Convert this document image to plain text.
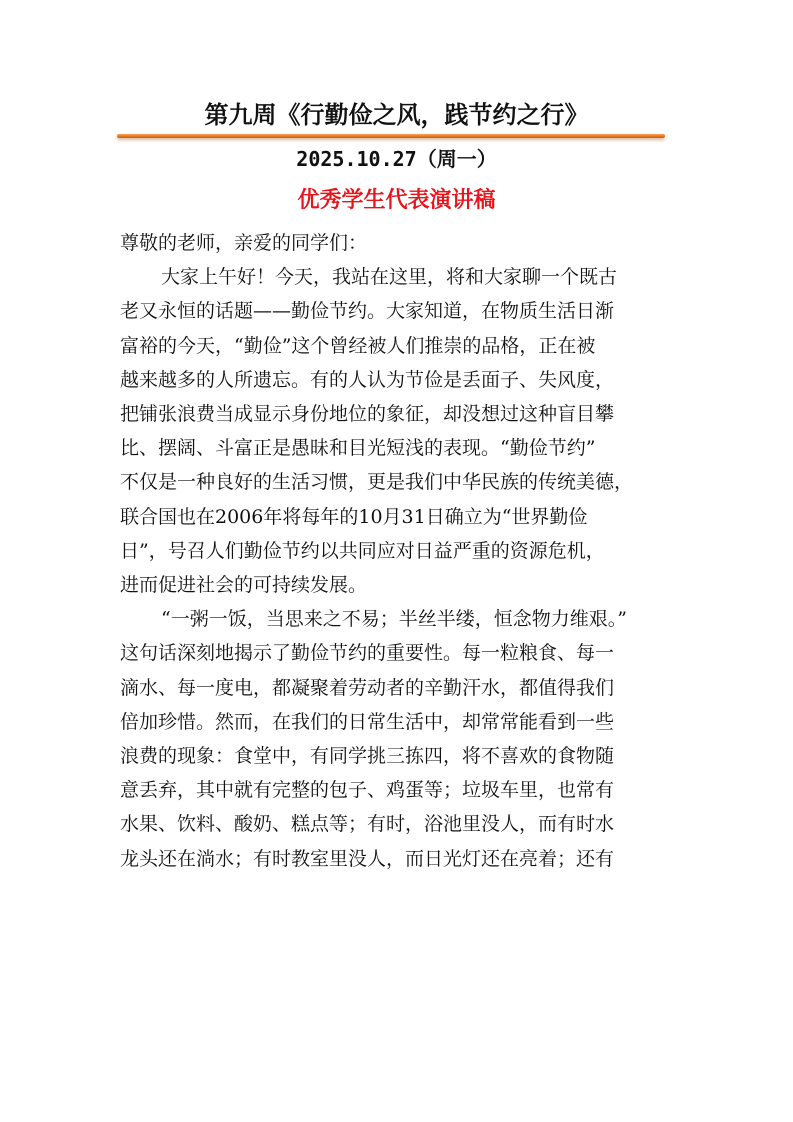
第九周《行勤俭之风，践节约之行》
2025.10.27（周一）
优秀学生代表演讲稿
尊敬的老师，亲爱的同学们：
大家上午好！今天，我站在这里，将和大家聊一个既古
老又永恒的话题——勤俭节约。大家知道，在物质生活日渐
富裕的今天，“勤俭”这个曾经被人们推崇的品格，正在被
越来越多的人所遗忘。有的人认为节俭是丢面子、失风度，
把铺张浪费当成显示身份地位的象征，却没想过这种盲目攀
比、摆阔、斗富正是愚昧和目光短浅的表现。“勤俭节约”
不仅是一种良好的生活习惯，更是我们中华民族的传统美德，
联合国也在2006年将每年的10月31日确立为“世界勤俭
日”，号召人们勤俭节约以共同应对日益严重的资源危机，
进而促进社会的可持续发展。
“一粥一饭，当思来之不易；半丝半缕，恒念物力维艰。”
这句话深刻地揭示了勤俭节约的重要性。每一粒粮食、每一
滴水、每一度电，都凝聚着劳动者的辛勤汗水，都值得我们
倍加珍惜。然而，在我们的日常生活中，却常常能看到一些
浪费的现象：食堂中，有同学挑三拣四，将不喜欢的食物随
意丢弃，其中就有完整的包子、鸡蛋等；垃圾车里，也常有
水果、饮料、酸奶、糕点等；有时，浴池里没人，而有时水
龙头还在淌水；有时教室里没人，而日光灯还在亮着；还有
